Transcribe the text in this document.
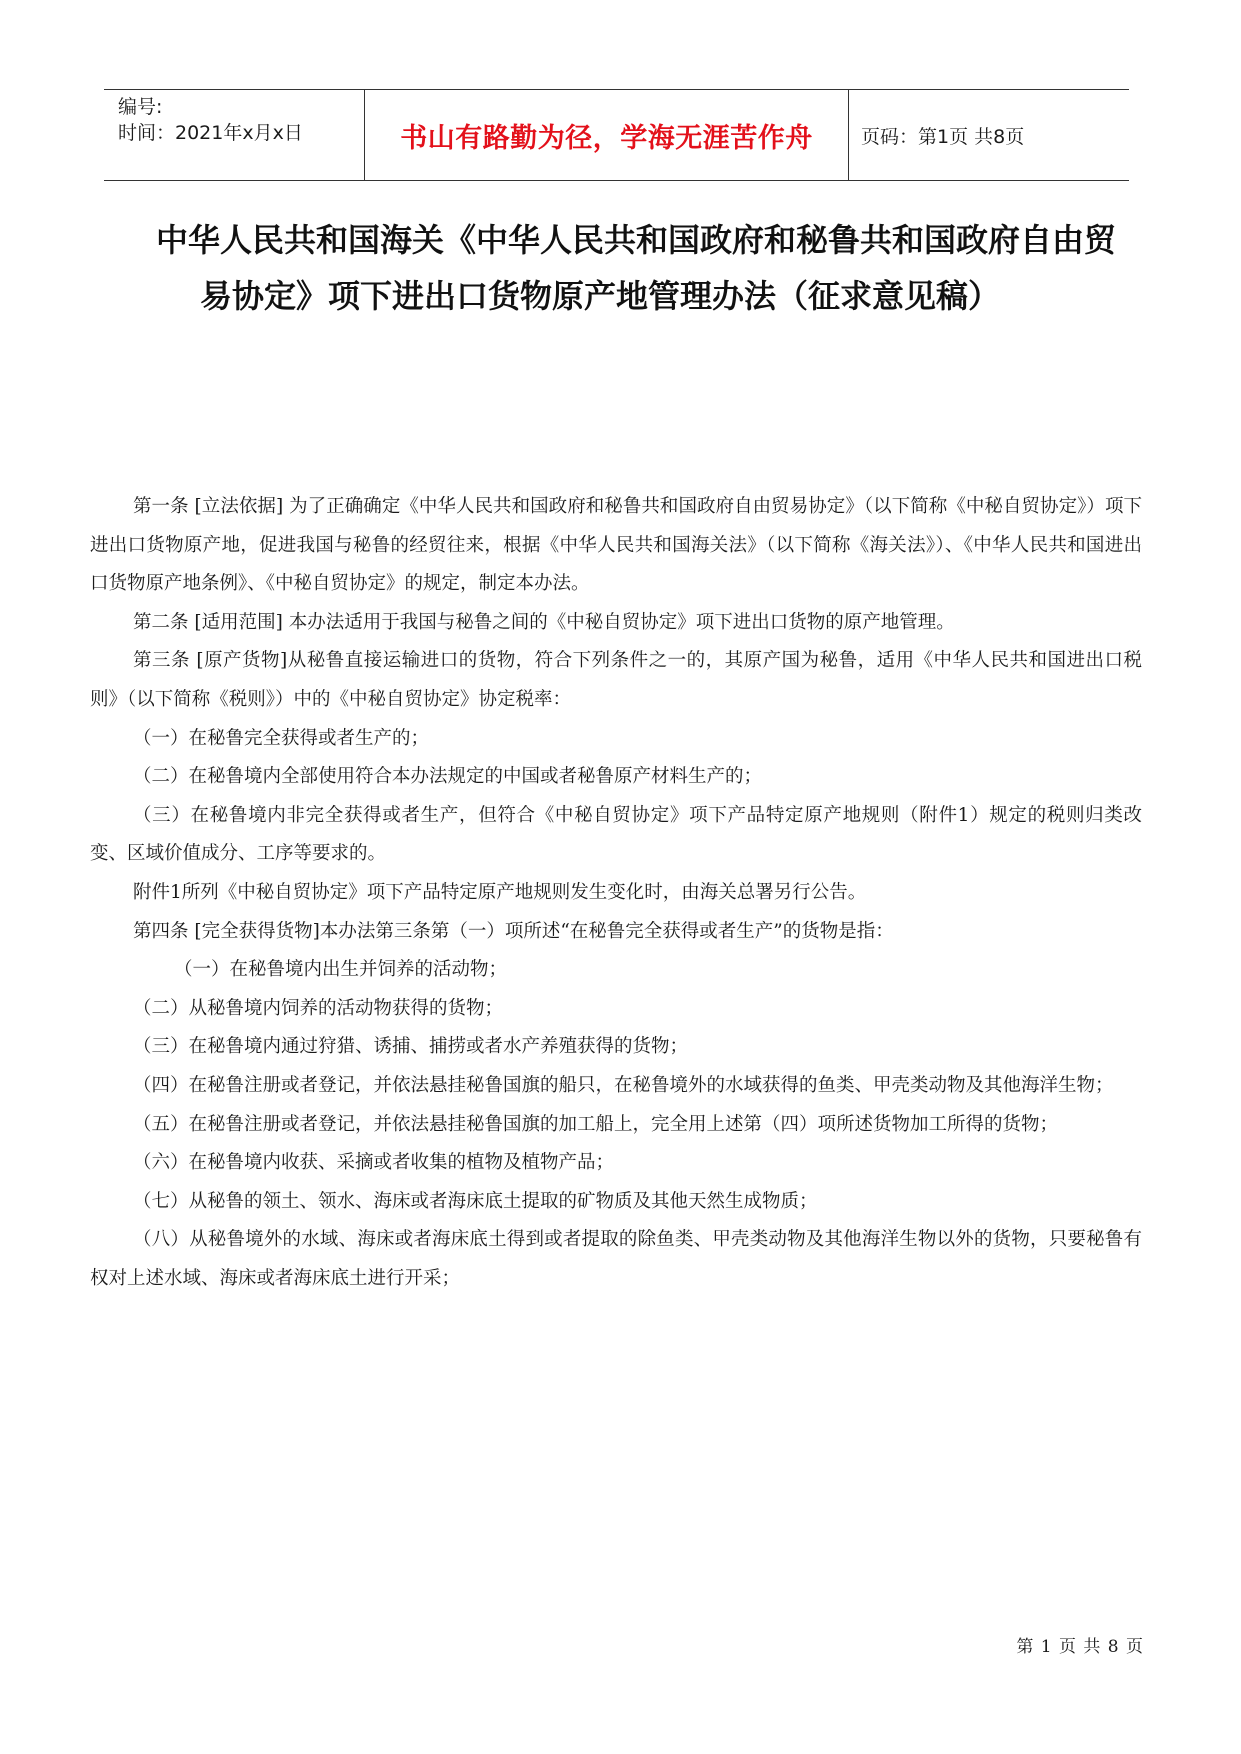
编号:
时间：2021年x月x日	书山有路勤为径，学海无涯苦作舟	页码：第1页 共8页
中华人民共和国海关《中华人民共和国政府和秘鲁共和国政府自由贸
易协定》项下进出口货物原产地管理办法（征求意见稿）

第一条 [立法依据] 为了正确确定《中华人民共和国政府和秘鲁共和国政府自由贸易协定》（以下简称《中秘自贸协定》）项下进出口货物原产地，促进我国与秘鲁的经贸往来，根据《中华人民共和国海关法》（以下简称《海关法》）、《中华人民共和国进出口货物原产地条例》、《中秘自贸协定》的规定，制定本办法。

第二条 [适用范围] 本办法适用于我国与秘鲁之间的《中秘自贸协定》项下进出口货物的原产地管理。

第三条 [原产货物]从秘鲁直接运输进口的货物，符合下列条件之一的，其原产国为秘鲁，适用《中华人民共和国进出口税则》（以下简称《税则》）中的《中秘自贸协定》协定税率：

（一）在秘鲁完全获得或者生产的；

（二）在秘鲁境内全部使用符合本办法规定的中国或者秘鲁原产材料生产的；

（三）在秘鲁境内非完全获得或者生产，但符合《中秘自贸协定》项下产品特定原产地规则（附件1）规定的税则归类改变、区域价值成分、工序等要求的。

附件1所列《中秘自贸协定》项下产品特定原产地规则发生变化时，由海关总署另行公告。

第四条 [完全获得货物]本办法第三条第（一）项所述“在秘鲁完全获得或者生产”的货物是指：

（一）在秘鲁境内出生并饲养的活动物；

（二）从秘鲁境内饲养的活动物获得的货物；

（三）在秘鲁境内通过狩猎、诱捕、捕捞或者水产养殖获得的货物；

（四）在秘鲁注册或者登记，并依法悬挂秘鲁国旗的船只，在秘鲁境外的水域获得的鱼类、甲壳类动物及其他海洋生物；

（五）在秘鲁注册或者登记，并依法悬挂秘鲁国旗的加工船上，完全用上述第（四）项所述货物加工所得的货物；

（六）在秘鲁境内收获、采摘或者收集的植物及植物产品；

（七）从秘鲁的领土、领水、海床或者海床底土提取的矿物质及其他天然生成物质；

（八）从秘鲁境外的水域、海床或者海床底土得到或者提取的除鱼类、甲壳类动物及其他海洋生物以外的货物，只要秘鲁有权对上述水域、海床或者海床底土进行开采；

第 1 页 共 8 页
